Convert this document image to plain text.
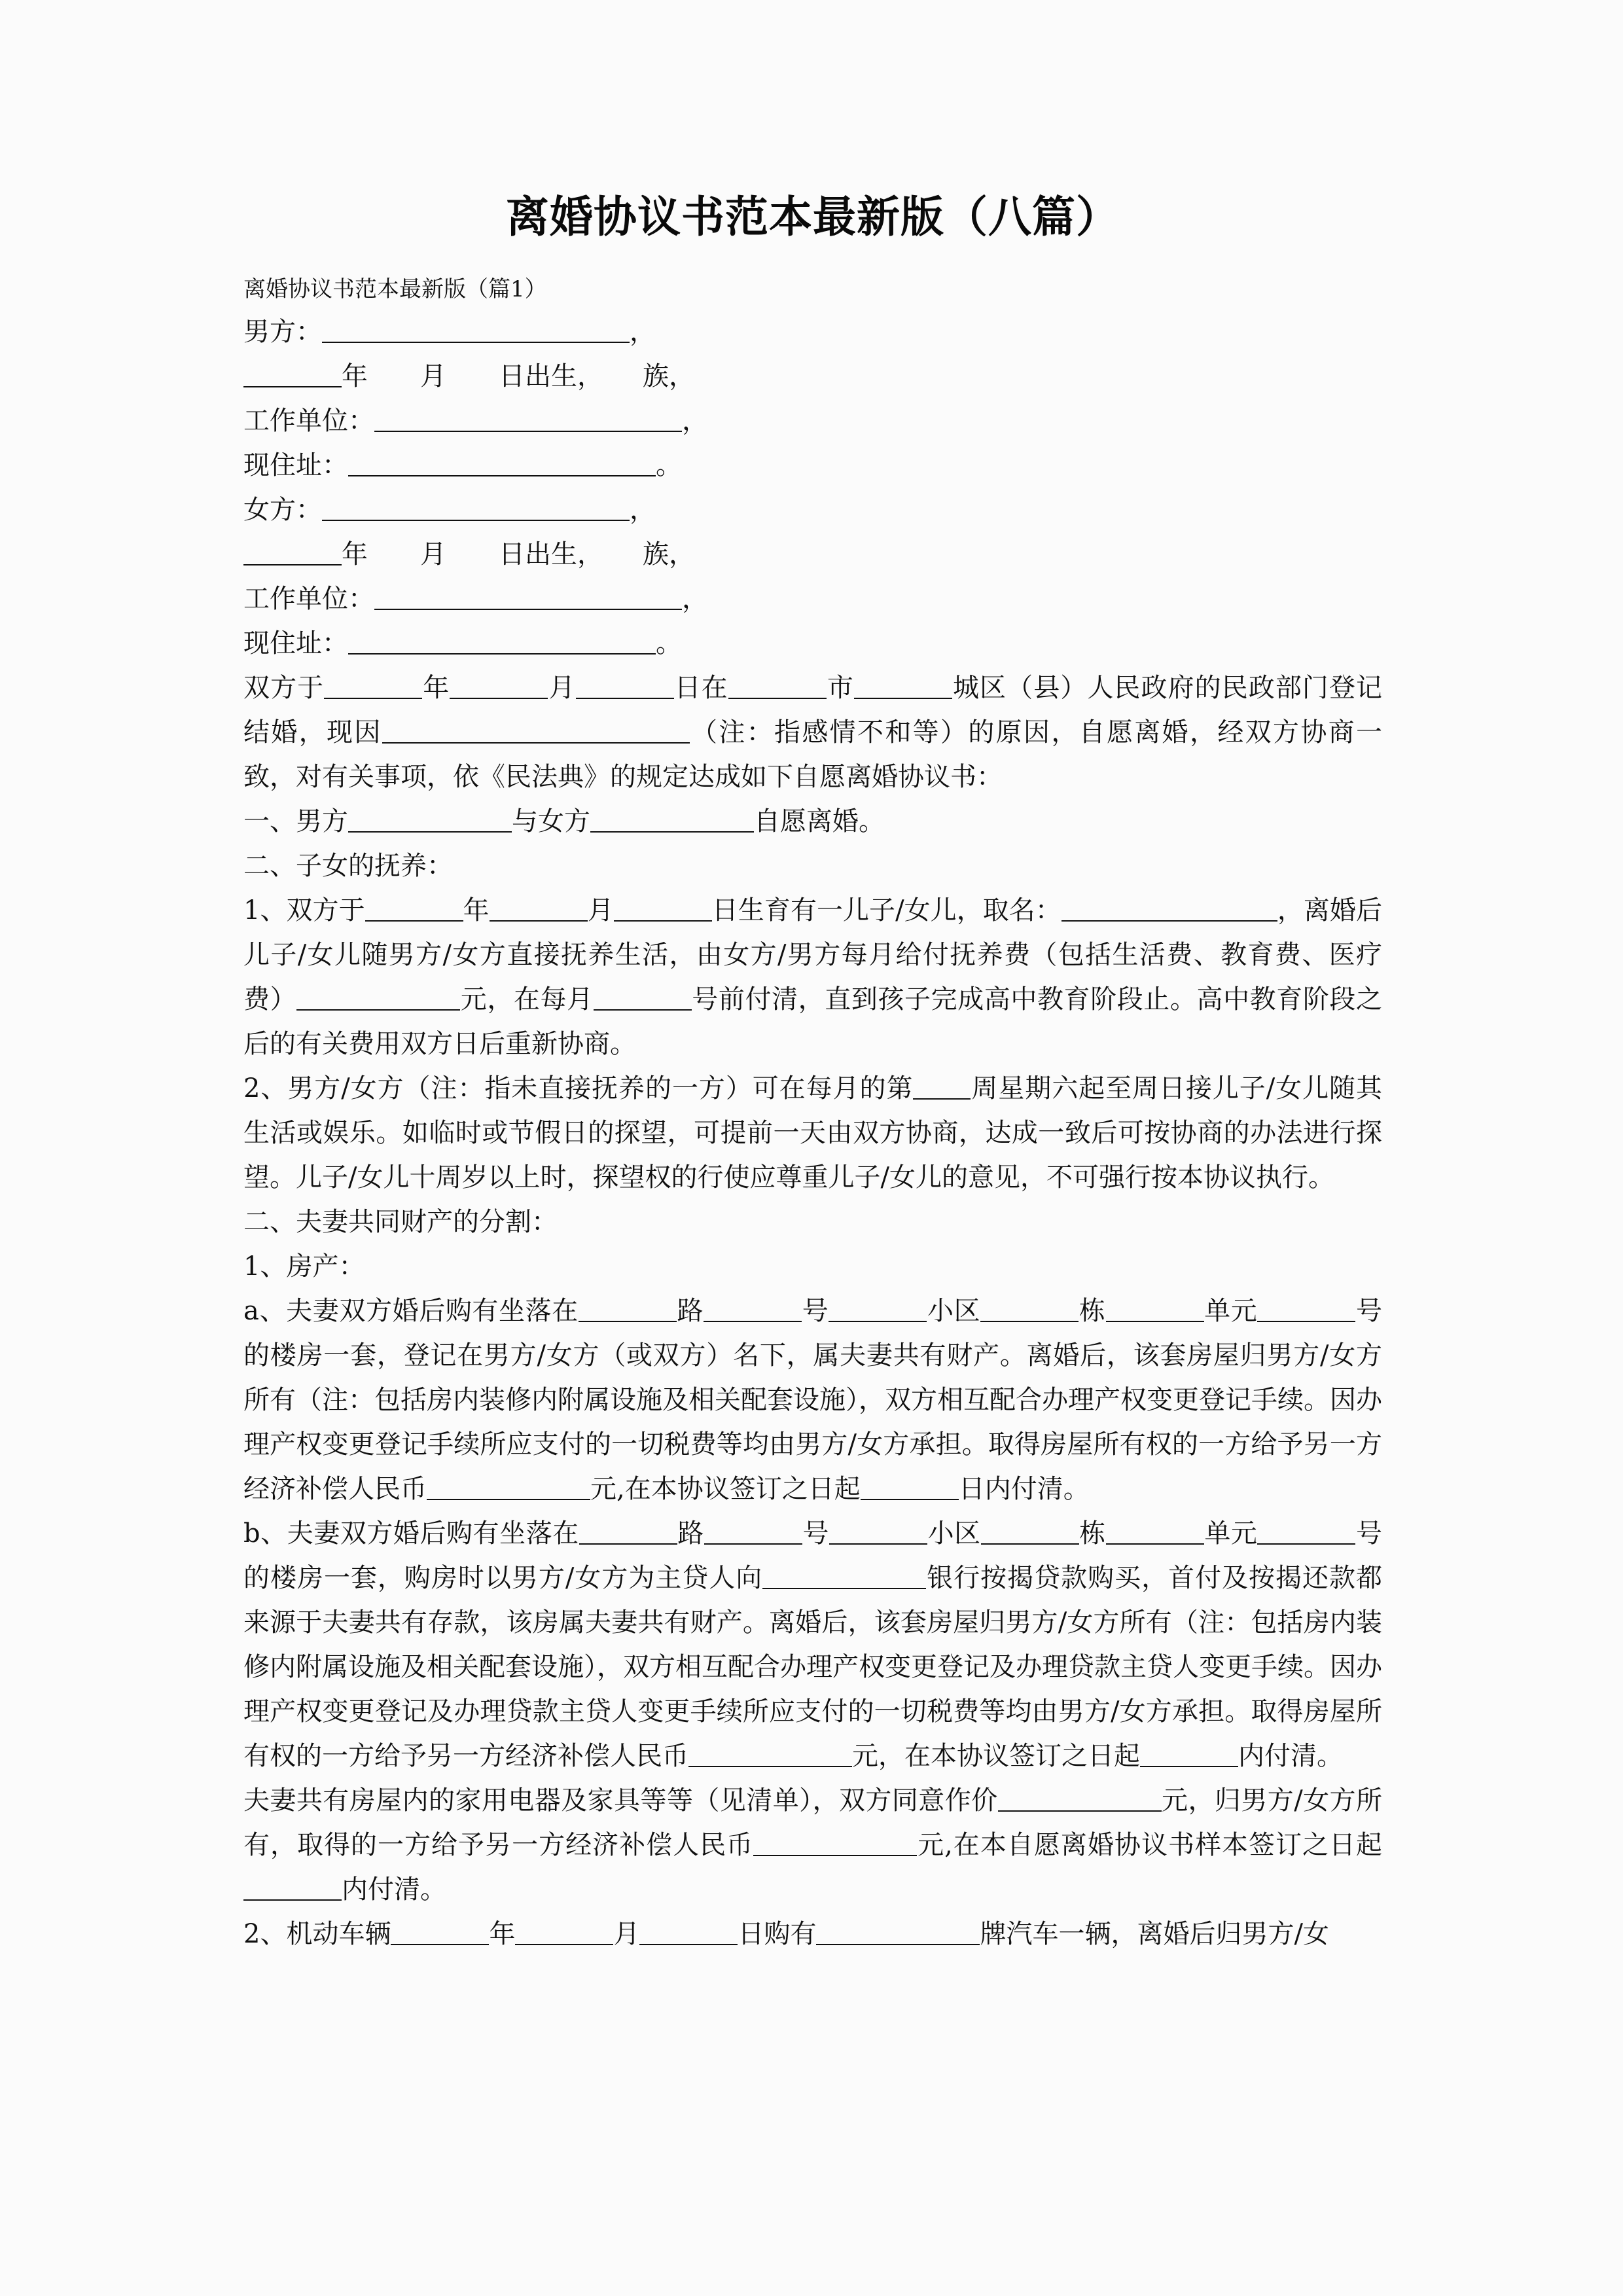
离婚协议书范本最新版（八篇）

离婚协议书范本最新版（篇1）

男方：	，

年　　月　　日出生，　　族，

工作单位：	，

现住址：	。

女方：	，

年　　月　　日出生，　　族，

工作单位：	，

现住址：	。

双方于	年	月	日在	市	城区（县）人民政府的民政部门登记结婚，现因	（注：指感情不和等）的原因，自愿离婚，经双方协商一致，对有关事项，依《民法典》的规定达成如下自愿离婚协议书：

一、男方	与女方	自愿离婚。

二、子女的抚养：

1、双方于	年	月	日生育有一儿子/女儿，取名：	，离婚后儿子/女儿随男方/女方直接抚养生活，由女方/男方每月给付抚养费（包括生活费、教育费、医疗费）	元，在每月	号前付清，直到孩子完成高中教育阶段止。高中教育阶段之后的有关费用双方日后重新协商。

2、男方/女方（注：指未直接抚养的一方）可在每月的第 周星期六起至周日接儿子/女儿随其生活或娱乐。如临时或节假日的探望，可提前一天由双方协商，达成一致后可按协商的办法进行探望。儿子/女儿十周岁以上时，探望权的行使应尊重儿子/女儿的意见，不可强行按本协议执行。

二、夫妻共同财产的分割：

1、房产：

a、夫妻双方婚后购有坐落在	路	号	小区	栋	单元	号的楼房一套，登记在男方/女方（或双方）名下，属夫妻共有财产。离婚后，该套房屋归男方/女方所有（注：包括房内装修内附属设施及相关配套设施），双方相互配合办理产权变更登记手续。因办理产权变更登记手续所应支付的一切税费等均由男方/女方承担。取得房屋所有权的一方给予另一方经济补偿人民币	元,在本协议签订之日起	日内付清。

b、夫妻双方婚后购有坐落在	路	号	小区	栋	单元	号的楼房一套，购房时以男方/女方为主贷人向	银行按揭贷款购买，首付及按揭还款都来源于夫妻共有存款，该房属夫妻共有财产。离婚后，该套房屋归男方/女方所有（注：包括房内装修内附属设施及相关配套设施），双方相互配合办理产权变更登记及办理贷款主贷人变更手续。因办理产权变更登记及办理贷款主贷人变更手续所应支付的一切税费等均由男方/女方承担。取得房屋所有权的一方给予另一方经济补偿人民币	元，在本协议签订之日起	内付清。

夫妻共有房屋内的家用电器及家具等等（见清单），双方同意作价	元，归男方/女方所有，取得的一方给予另一方经济补偿人民币	元,在本自愿离婚协议书样本签订之日起内付清。

2、机动车辆	年	月	日购有	牌汽车一辆，离婚后归男方/女
